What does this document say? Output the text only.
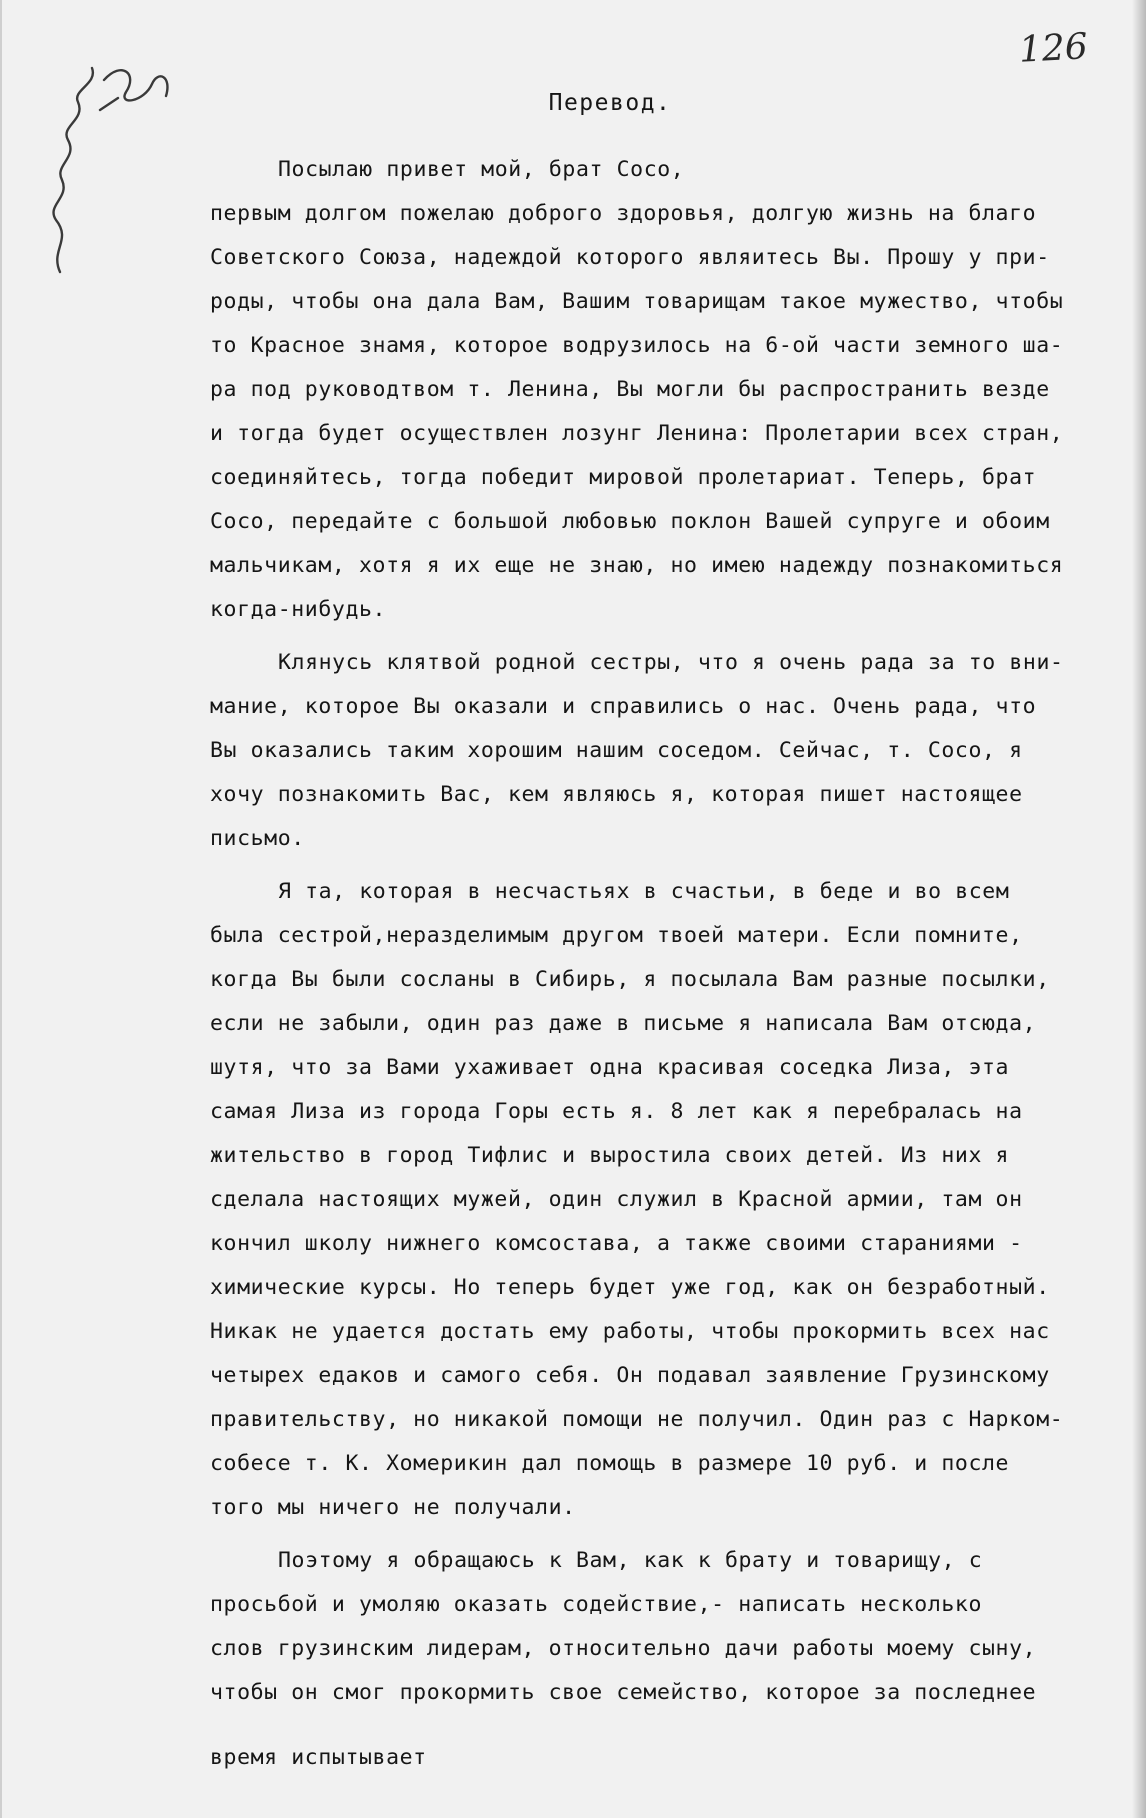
126
Перевод.

Посылаю привет мой, брат Сосо,
первым долгом пожелаю доброго здоровья, долгую жизнь на благо
Советского Союза, надеждой которого являитесь Вы. Прошу у при-
роды, чтобы она дала Вам, Вашим товарищам такое мужество, чтобы
то Красное знамя, которое водрузилось на 6-ой части земного ша-
ра под руководтвом т. Ленина, Вы могли бы распространить везде
и тогда будет осуществлен лозунг Ленина: Пролетарии всех стран,
соединяйтесь, тогда победит мировой пролетариат. Теперь, брат
Сосо, передайте с большой любовью поклон Вашей супруге и обоим
мальчикам, хотя я их еще не знаю, но имею надежду познакомиться
когда-нибудь.

Клянусь клятвой родной сестры, что я очень рада за то вни-
мание, которое Вы оказали и справились о нас. Очень рада, что
Вы оказались таким хорошим нашим соседом. Сейчас, т. Сосо, я
хочу познакомить Вас, кем являюсь я, которая пишет настоящее
письмо.

Я та, которая в несчастьях в счастьи, в беде и во всем
была сестрой,неразделимым другом твоей матери. Если помните,
когда Вы были сосланы в Сибирь, я посылала Вам разные посылки,
если не забыли, один раз даже в письме я написала Вам отсюда,
шутя, что за Вами ухаживает одна красивая соседка Лиза, эта
самая Лиза из города Горы есть я. 8 лет как я перебралась на
жительство в город Тифлис и выростила своих детей. Из них я
сделала настоящих мужей, один служил в Красной армии, там он
кончил школу нижнего комсостава, а также своими стараниями -
химические курсы. Но теперь будет уже год, как он безработный.
Никак не удается достать ему работы, чтобы прокормить всех нас
четырех едаков и самого себя. Он подавал заявление Грузинскому
правительству, но никакой помощи не получил. Один раз с Нарком-
собесе т. К. Хомерикин дал помощь в размере 10 руб. и после
того мы ничего не получали.

Поэтому я обращаюсь к Вам, как к брату и товарищу, с
просьбой и умоляю оказать содействие,- написать несколько
слов грузинским лидерам, относительно дачи работы моему сыну,
чтобы он смог прокормить свое семейство, которое за последнее

время испытывает
